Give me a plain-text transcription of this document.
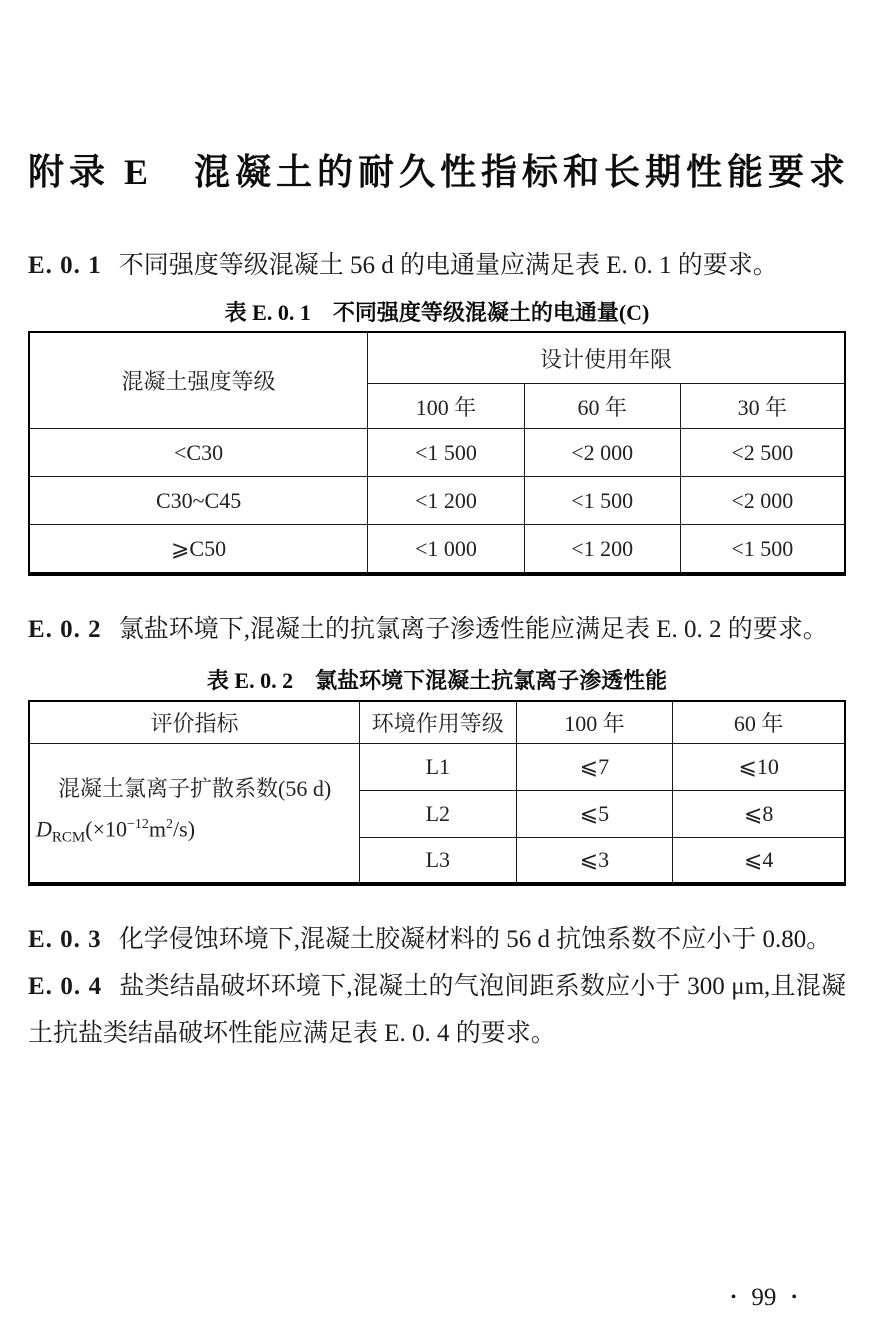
附录 E　混凝土的耐久性指标和长期性能要求

E. 0. 1 不同强度等级混凝土 56 d 的电通量应满足表 E. 0. 1 的要求。

表 E. 0. 1　不同强度等级混凝土的电通量(C)

混凝土强度等级	设计使用年限		
	100 年	60 年	30 年
<C30	<1 500	<2 000	<2 500
C30~C45	<1 200	<1 500	<2 000
⩾C50	<1 000	<1 200	<1 500

E. 0. 2 氯盐环境下,混凝土的抗氯离子渗透性能应满足表 E. 0. 2 的要求。

表 E. 0. 2　氯盐环境下混凝土抗氯离子渗透性能

评价指标	环境作用等级	100 年	60 年

混凝土氯离子扩散系数(56 d)
$D_{RCM}(\times 10^{-12}m^2/s)$	L1	⩽7	⩽10
	L2	⩽5	⩽8
	L3	⩽3	⩽4

E. 0. 3 化学侵蚀环境下,混凝土胶凝材料的 56 d 抗蚀系数不应小于 0.80。

E. 0. 4 盐类结晶破坏环境下,混凝土的气泡间距系数应小于 300 μm,且混凝土抗盐类结晶破坏性能应满足表 E. 0. 4 的要求。

• 99 •
